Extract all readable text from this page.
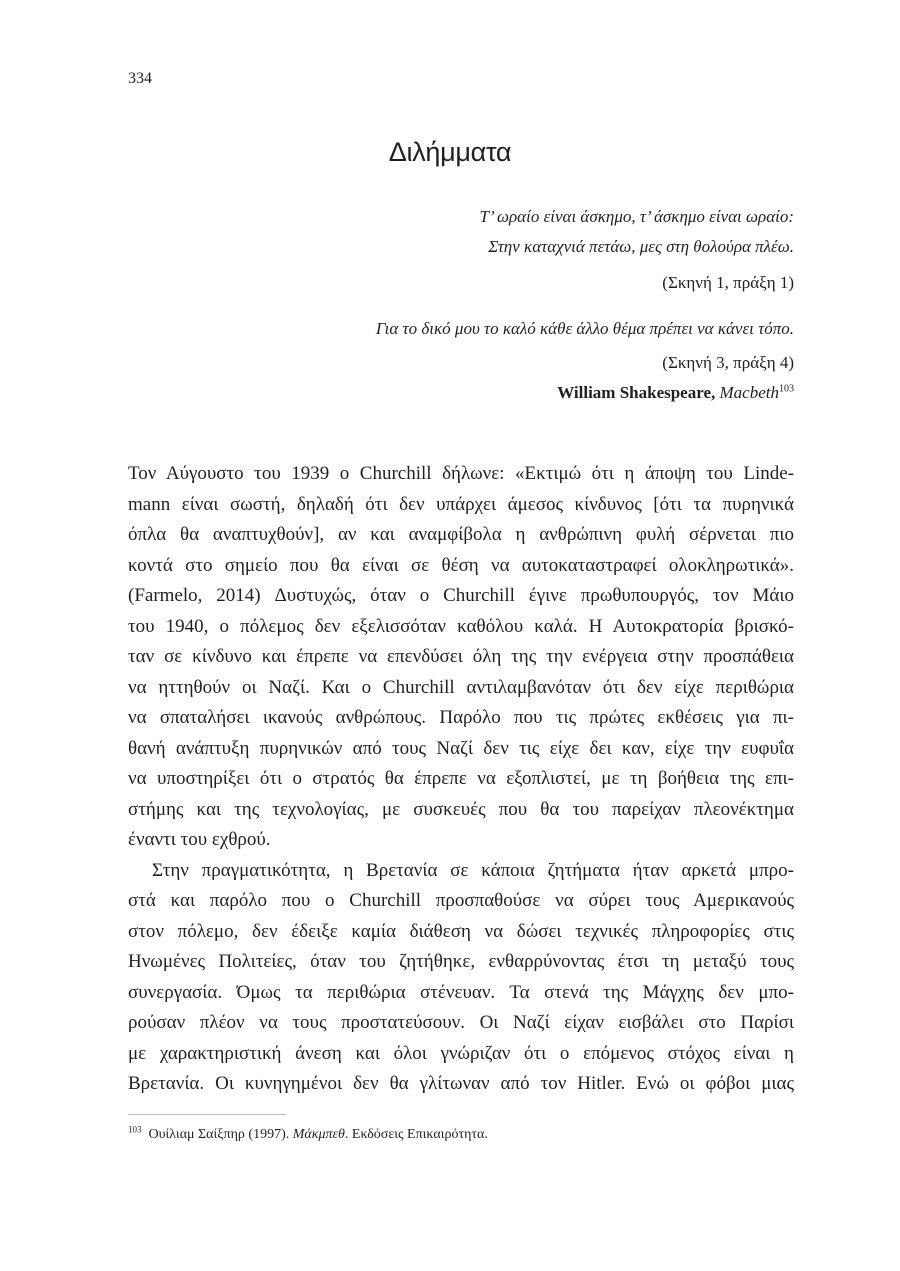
334
Διλήμματα
Τ’ ωραίο είναι άσκημο, τ’ άσκημο είναι ωραίο:
Στην καταχνιά πετάω, μες στη θολούρα πλέω.
(Σκηνή 1, πράξη 1)
Για το δικό μου το καλό κάθε άλλο θέμα πρέπει να κάνει τόπο.
(Σκηνή 3, πράξη 4)
William Shakespeare, Macbeth$^{103}$
Τον Αύγουστο του 1939 ο Churchill δήλωνε: «Εκτιμώ ότι η άποψη του Linde-
mann είναι σωστή, δηλαδή ότι δεν υπάρχει άμεσος κίνδυνος [ότι τα πυρηνικά
όπλα θα αναπτυχθούν], αν και αναμφίβολα η ανθρώπινη φυλή σέρνεται πιο
κοντά στο σημείο που θα είναι σε θέση να αυτοκαταστραφεί ολοκληρωτικά».
(Farmelo, 2014) Δυστυχώς, όταν ο Churchill έγινε πρωθυπουργός, τον Μάιο
του 1940, ο πόλεμος δεν εξελισσόταν καθόλου καλά. Η Αυτοκρατορία βρισκό-
ταν σε κίνδυνο και έπρεπε να επενδύσει όλη της την ενέργεια στην προσπάθεια
να ηττηθούν οι Ναζί. Και ο Churchill αντιλαμβανόταν ότι δεν είχε περιθώρια
να σπαταλήσει ικανούς ανθρώπους. Παρόλο που τις πρώτες εκθέσεις για πι-
θανή ανάπτυξη πυρηνικών από τους Ναζί δεν τις είχε δει καν, είχε την ευφυΐα
να υποστηρίξει ότι ο στρατός θα έπρεπε να εξοπλιστεί, με τη βοήθεια της επι-
στήμης και της τεχνολογίας, με συσκευές που θα του παρείχαν πλεονέκτημα
έναντι του εχθρού.
Στην πραγματικότητα, η Βρετανία σε κάποια ζητήματα ήταν αρκετά μπρο-
στά και παρόλο που ο Churchill προσπαθούσε να σύρει τους Αμερικανούς
στον πόλεμο, δεν έδειξε καμία διάθεση να δώσει τεχνικές πληροφορίες στις
Ηνωμένες Πολιτείες, όταν του ζητήθηκε, ενθαρρύνοντας έτσι τη μεταξύ τους
συνεργασία. Όμως τα περιθώρια στένευαν. Τα στενά της Μάγχης δεν μπο-
ρούσαν πλέον να τους προστατεύσουν. Οι Ναζί είχαν εισβάλει στο Παρίσι
με χαρακτηριστική άνεση και όλοι γνώριζαν ότι ο επόμενος στόχος είναι η
Βρετανία. Οι κυνηγημένοι δεν θα γλίτωναν από τον Hitler. Ενώ οι φόβοι μιας
$^{103}$ Ουίλιαμ Σαίξπηρ (1997). Μάκμπεθ. Εκδόσεις Επικαιρότητα.
